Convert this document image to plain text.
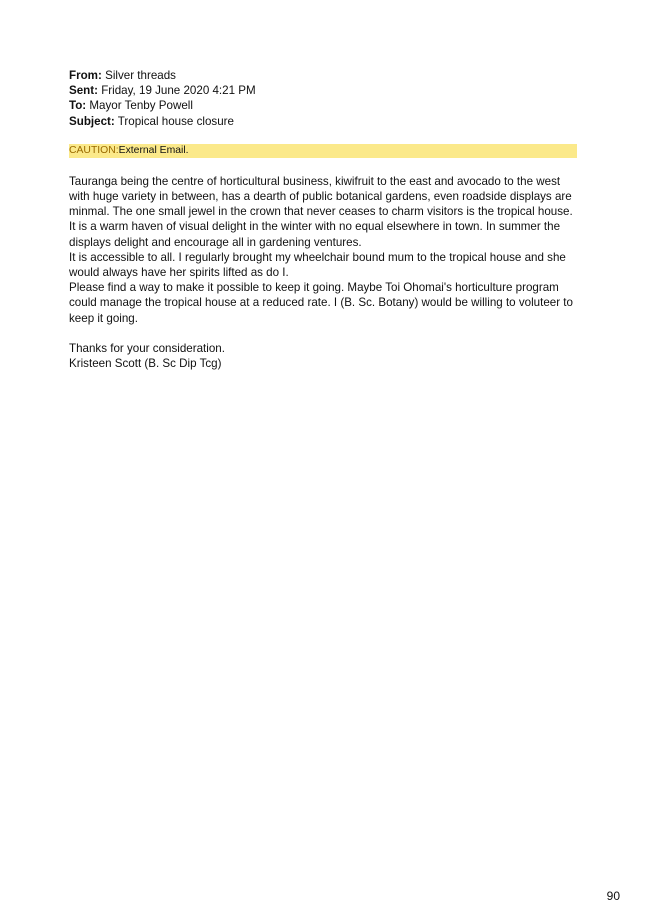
From: Silver threads
Sent: Friday, 19 June 2020 4:21 PM
To: Mayor Tenby Powell
Subject: Tropical house closure
CAUTION:External Email.

Tauranga being the centre of horticultural business, kiwifruit to the east and avocado to the west with huge variety in between, has a dearth of public botanical gardens, even roadside displays are minmal. The one small jewel in the crown that never ceases to charm visitors is the tropical house. It is a warm haven of visual delight in the winter with no equal elsewhere in town. In summer the displays delight and encourage all in gardening ventures.

It is accessible to all. I regularly brought my wheelchair bound mum to the tropical house and she would always have her spirits lifted as do I.

Please find a way to make it possible to keep it going. Maybe Toi Ohomai's horticulture program could manage the tropical house at a reduced rate. I (B. Sc. Botany) would be willing to voluteer to keep it going.

Thanks for your consideration.

Kristeen Scott (B. Sc Dip Tcg)

90
